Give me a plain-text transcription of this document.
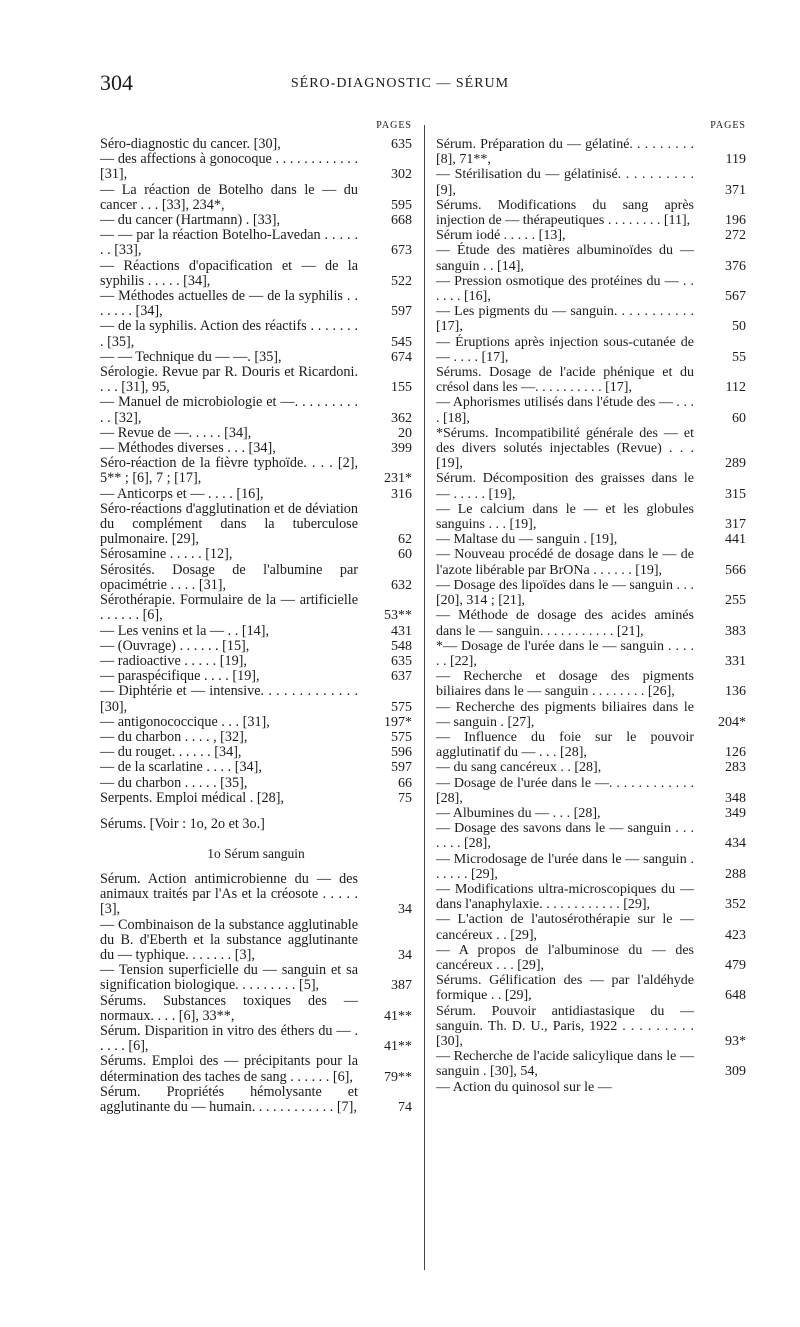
304	SÉRO-DIAGNOSTIC — SÉRUM
PAGES
Séro-diagnostic du cancer. [30],	635
— des affections à gonocoque . . . . . . . . . . . . [31],	302
— La réaction de Botelho dans le — du cancer . . . [33], 234*,	595
— du cancer (Hartmann) . [33],	668
— — par la réaction Botelho-Lavedan . . . . . . . [33],	673
— Réactions d'opacification et — de la syphilis . . . . . [34],	522
— Méthodes actuelles de — de la syphilis . . . . . . . [34],	597
— de la syphilis. Action des réactifs . . . . . . . . [35],	545
— — Technique du — —. [35],	674
Sérologie. Revue par R. Douris et Ricardoni. . . . [31], 95,	155
— Manuel de microbiologie et —. . . . . . . . . . . [32],	362
— Revue de —. . . . . [34],	20
— Méthodes diverses . . . [34],	399
Séro-réaction de la fièvre typhoïde. . . . [2], 5** ; [6], 7 ; [17],	231*
— Anticorps et — . . . . [16],	316
Séro-réactions d'agglutination et de déviation du complément dans la tuberculose pulmonaire. [29],	62
Sérosamine . . . . . [12],	60
Sérosités. Dosage de l'albumine par opacimétrie . . . . [31],	632
Sérothérapie. Formulaire de la — artificielle . . . . . . [6],	53**
— Les venins et la — . . [14],	431
— (Ouvrage) . . . . . . [15],	548
— radioactive . . . . . [19],	635
— paraspécifique . . . . [19],	637
— Diphtérie et — intensive. . . . . . . . . . . . . [30],	575
— antigonococcique . . . [31],	197*
— du charbon . . . . , [32],	575
— du rouget. . . . . . [34],	596
— de la scarlatine . . . . [34],	597
— du charbon . . . . . [35],	66
Serpents. Emploi médical . [28],	75
Sérums. [Voir : 1o, 2o et 3o.]
1o Sérum sanguin
Sérum. Action antimicrobienne du — des animaux traités par l'As et la créosote . . . . . [3],	34
— Combinaison de la substance agglutinable du B. d'Eberth et la substance agglutinante du — typhique. . . . . . . [3],	34
— Tension superficielle du — sanguin et sa signification biologique. . . . . . . . . [5],	387
Sérums. Substances toxiques des — normaux. . . . [6], 33**,	41**
Sérum. Disparition in vitro des éthers du — . . . . . [6],	41**
Sérums. Emploi des — précipitants pour la détermination des taches de sang . . . . . . [6],	79**
Sérum. Propriétés hémolysante et agglutinante du — humain. . . . . . . . . . . . [7],	74
PAGES
Sérum. Préparation du — gélatiné. . . . . . . . . [8], 71**,	119
— Stérilisation du — gélatinisé. . . . . . . . . . [9],	371
Sérums. Modifications du sang après injection de — thérapeutiques . . . . . . . . [11],	196
Sérum iodé . . . . . [13],	272
— Étude des matières albuminoïdes du — sanguin . . [14],	376
— Pression osmotique des protéines du — . . . . . . [16],	567
— Les pigments du — sanguin. . . . . . . . . . . [17],	50
— Éruptions après injection sous-cutanée de — . . . . [17],	55
Sérums. Dosage de l'acide phénique et du crésol dans les —. . . . . . . . . . [17],	112
— Aphorismes utilisés dans l'étude des — . . . . [18],	60
*Sérums. Incompatibilité générale des — et des divers solutés injectables (Revue) . . . [19],	289
Sérum. Décomposition des graisses dans le — . . . . . [19],	315
— Le calcium dans le — et les globules sanguins . . . [19],	317
— Maltase du — sanguin . [19],	441
— Nouveau procédé de dosage dans le — de l'azote libérable par BrONa . . . . . . [19],	566
— Dosage des lipoïdes dans le — sanguin . . . [20], 314 ; [21],	255
— Méthode de dosage des acides aminés dans le — sanguin. . . . . . . . . . . [21],	383
*— Dosage de l'urée dans le — sanguin . . . . . . [22],	331
— Recherche et dosage des pigments biliaires dans le — sanguin . . . . . . . . [26],	136
— Recherche des pigments biliaires dans le — sanguin . [27],	204*
— Influence du foie sur le pouvoir agglutinatif du — . . . [28],	126
— du sang cancéreux . . [28],	283
— Dosage de l'urée dans le —. . . . . . . . . . . . [28],	348
— Albumines du — . . . [28],	349
— Dosage des savons dans le — sanguin . . . . . . . [28],	434
— Microdosage de l'urée dans le — sanguin . . . . . . [29],	288
— Modifications ultra-microscopiques du — dans l'anaphylaxie. . . . . . . . . . . . [29],	352
— L'action de l'autosérothérapie sur le — cancéreux . . [29],	423
— A propos de l'albuminose du — des cancéreux . . . [29],	479
Sérums. Gélification des — par l'aldéhyde formique . . [29],	648
Sérum. Pouvoir antidiastasique du — sanguin. Th. D. U., Paris, 1922 . . . . . . . . . [30],	93*
— Recherche de l'acide salicylique dans le — sanguin . [30], 54,	309
— Action du quinosol sur le —
